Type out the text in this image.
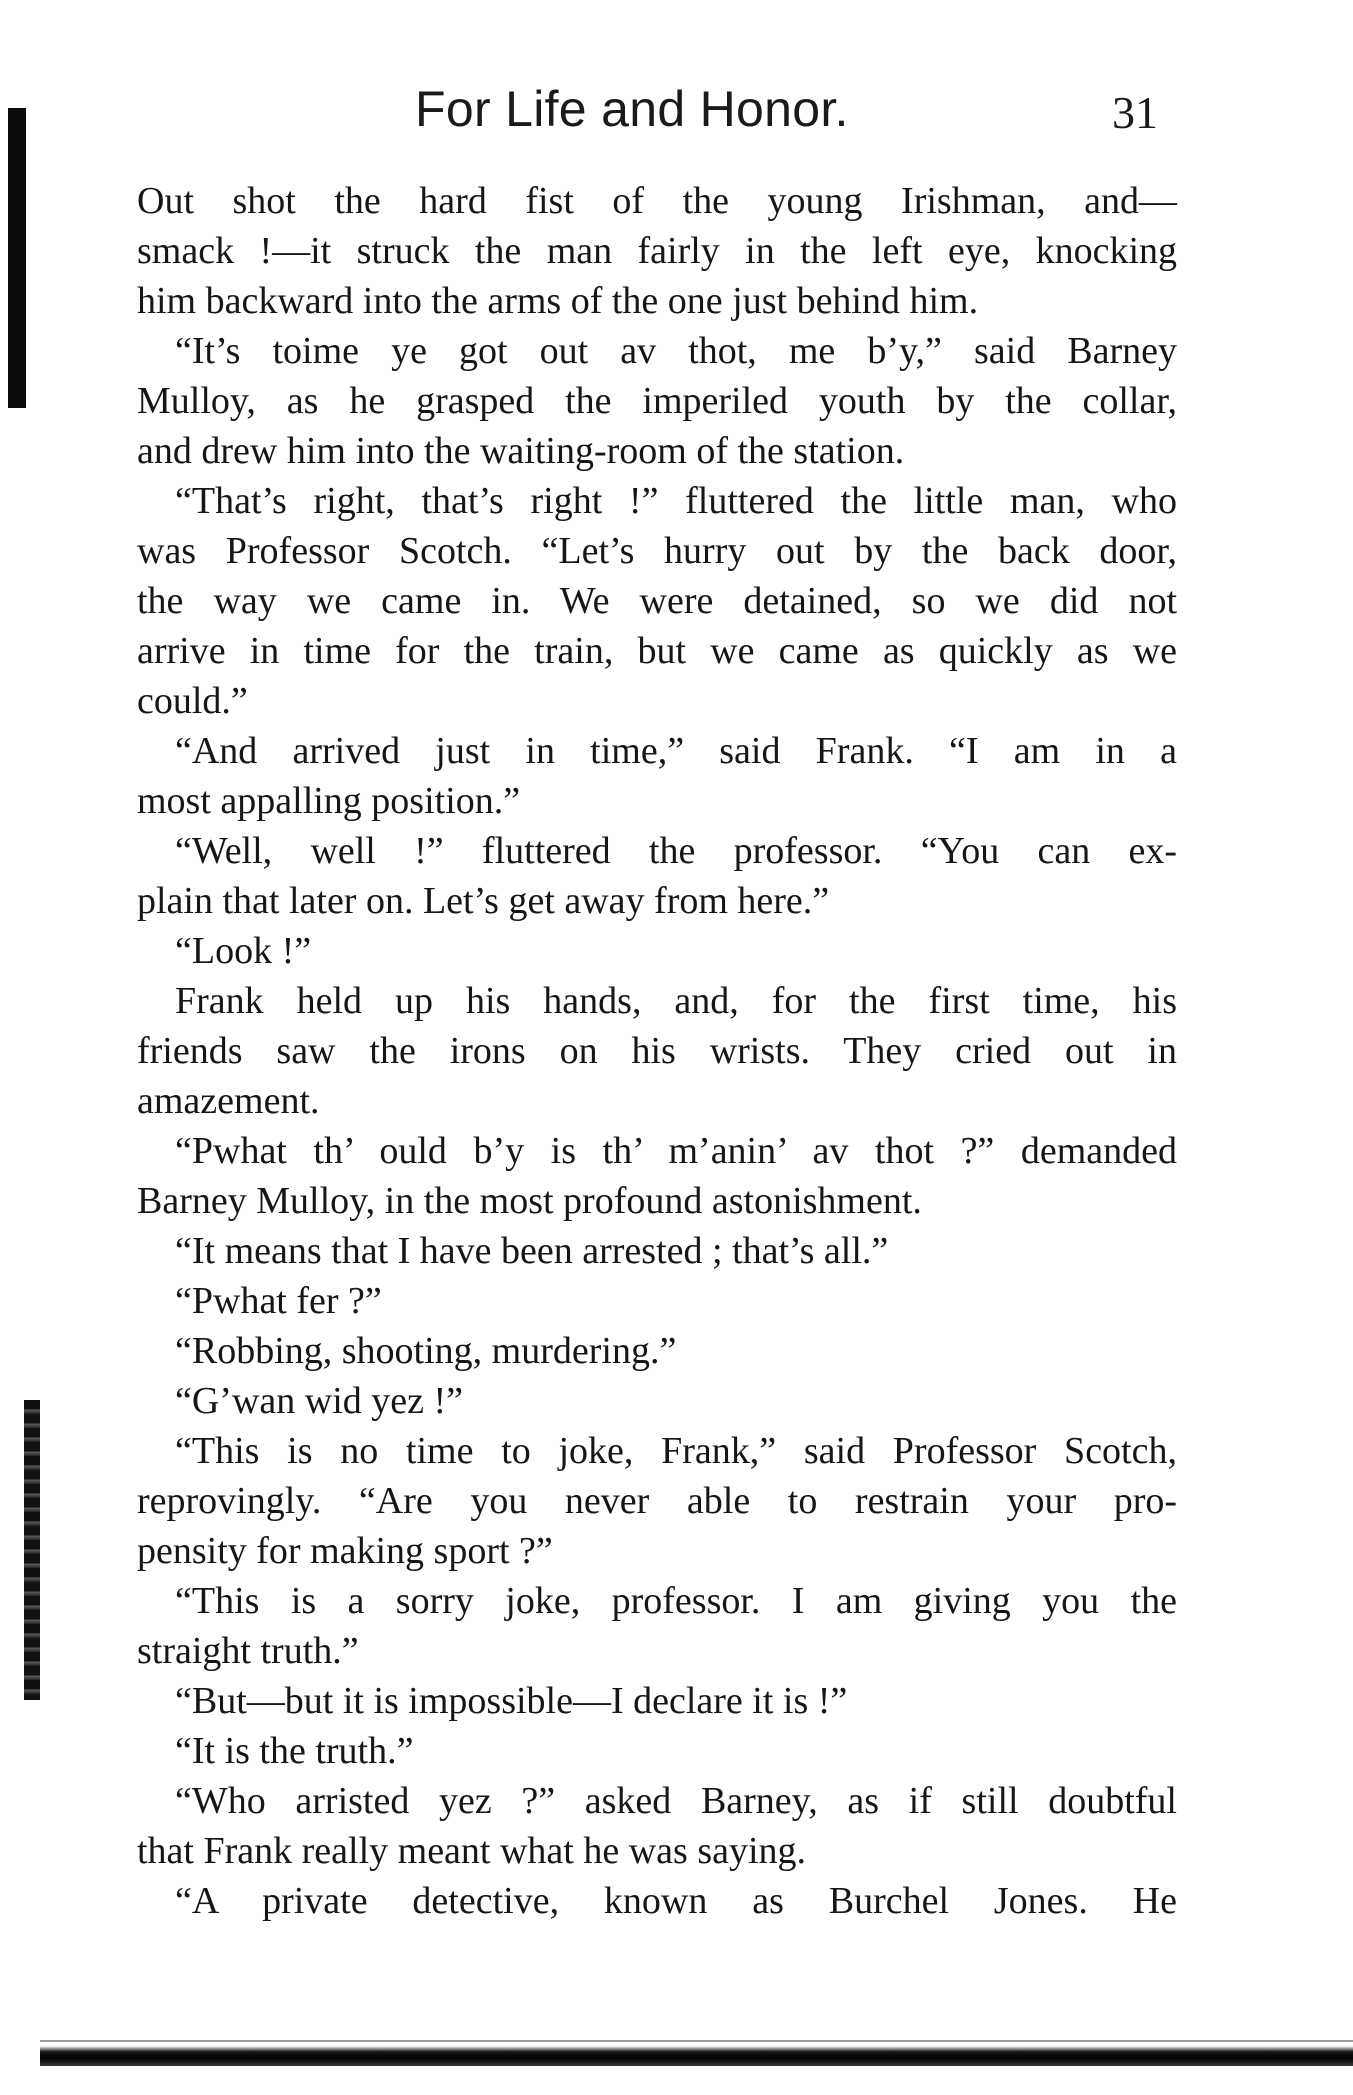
For Life and Honor.	31
Out shot the hard fist of the young Irishman, and—
smack !—it struck the man fairly in the left eye, knocking
him backward into the arms of the one just behind him.
“It’s toime ye got out av thot, me b’y,” said Barney
Mulloy, as he grasped the imperiled youth by the collar,
and drew him into the waiting-room of the station.
“That’s right, that’s right !” fluttered the little man, who
was Professor Scotch. “Let’s hurry out by the back door,
the way we came in. We were detained, so we did not
arrive in time for the train, but we came as quickly as we
could.”
“And arrived just in time,” said Frank. “I am in a
most appalling position.”
“Well, well !” fluttered the professor. “You can ex-
plain that later on. Let’s get away from here.”
“Look !”
Frank held up his hands, and, for the first time, his
friends saw the irons on his wrists. They cried out in
amazement.
“Pwhat th’ ould b’y is th’ m’anin’ av thot ?” demanded
Barney Mulloy, in the most profound astonishment.
“It means that I have been arrested ; that’s all.”
“Pwhat fer ?”
“Robbing, shooting, murdering.”
“G’wan wid yez !”
“This is no time to joke, Frank,” said Professor Scotch,
reprovingly. “Are you never able to restrain your pro-
pensity for making sport ?”
“This is a sorry joke, professor. I am giving you the
straight truth.”
“But—but it is impossible—I declare it is !”
“It is the truth.”
“Who arristed yez ?” asked Barney, as if still doubtful
that Frank really meant what he was saying.
“A private detective, known as Burchel Jones. He
